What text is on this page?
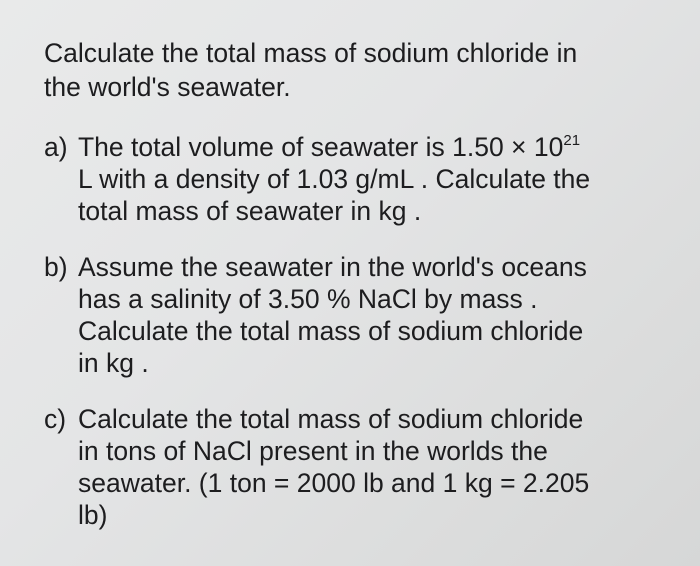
Calculate the total mass of sodium chloride in
the world's seawater.
a) The total volume of seawater is $1.50 \times 10^{21}$
L with a density of 1.03 g/mL . Calculate the
total mass of seawater in kg .
b) Assume the seawater in the world's oceans
has a salinity of 3.50 % NaCl by mass .
Calculate the total mass of sodium chloride
in kg .
c) Calculate the total mass of sodium chloride
in tons of NaCl present in the worlds the
seawater. (1 ton = 2000 lb and 1 kg = 2.205
lb)
